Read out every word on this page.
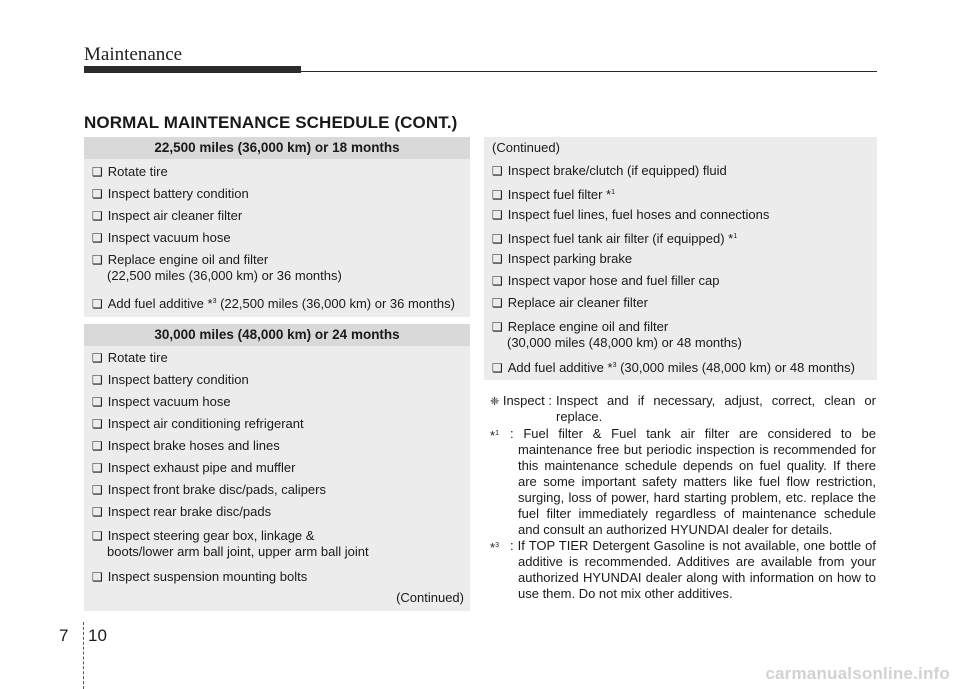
Maintenance
NORMAL MAINTENANCE SCHEDULE (CONT.)
22,500 miles (36,000 km) or 18 months
❑ Rotate tire
❑ Inspect battery condition
❑ Inspect air cleaner filter
❑ Inspect vacuum hose
❑ Replace engine oil and filter
(22,500 miles (36,000 km) or 36 months)
❑ Add fuel additive *$^3$ (22,500 miles (36,000 km) or 36 months)
30,000 miles (48,000 km) or 24 months
❑ Rotate tire
❑ Inspect battery condition
❑ Inspect vacuum hose
❑ Inspect air conditioning refrigerant
❑ Inspect brake hoses and lines
❑ Inspect exhaust pipe and muffler
❑ Inspect front brake disc/pads, calipers
❑ Inspect rear brake disc/pads
❑ Inspect steering gear box, linkage &
boots/lower arm ball joint, upper arm ball joint
❑ Inspect suspension mounting bolts
(Continued)
(Continued)
❑ Inspect brake/clutch (if equipped) fluid
❑ Inspect fuel filter *$^1$
❑ Inspect fuel lines, fuel hoses and connections
❑ Inspect fuel tank air filter (if equipped) *$^1$
❑ Inspect parking brake
❑ Inspect vapor hose and fuel filler cap
❑ Replace air cleaner filter
❑ Replace engine oil and filter
(30,000 miles (48,000 km) or 48 months)
❑ Add fuel additive *$^3$ (30,000 miles (48,000 km) or 48 months)
❈ Inspect : Inspect and if necessary, adjust, correct, clean or replace.
*$^1$ : Fuel filter & Fuel tank air filter are considered to be maintenance free but periodic inspection is recommended for this maintenance schedule depends on fuel quality. If there are some important safety matters like fuel flow restriction, surging, loss of power, hard starting problem, etc. replace the fuel filter immediately regardless of maintenance schedule and consult an authorized HYUNDAI dealer for details.
*$^3$ : If TOP TIER Detergent Gasoline is not available, one bottle of additive is recommended. Additives are available from your authorized HYUNDAI dealer along with information on how to use them. Do not mix other additives.
7 10
carmanualsonline.info
